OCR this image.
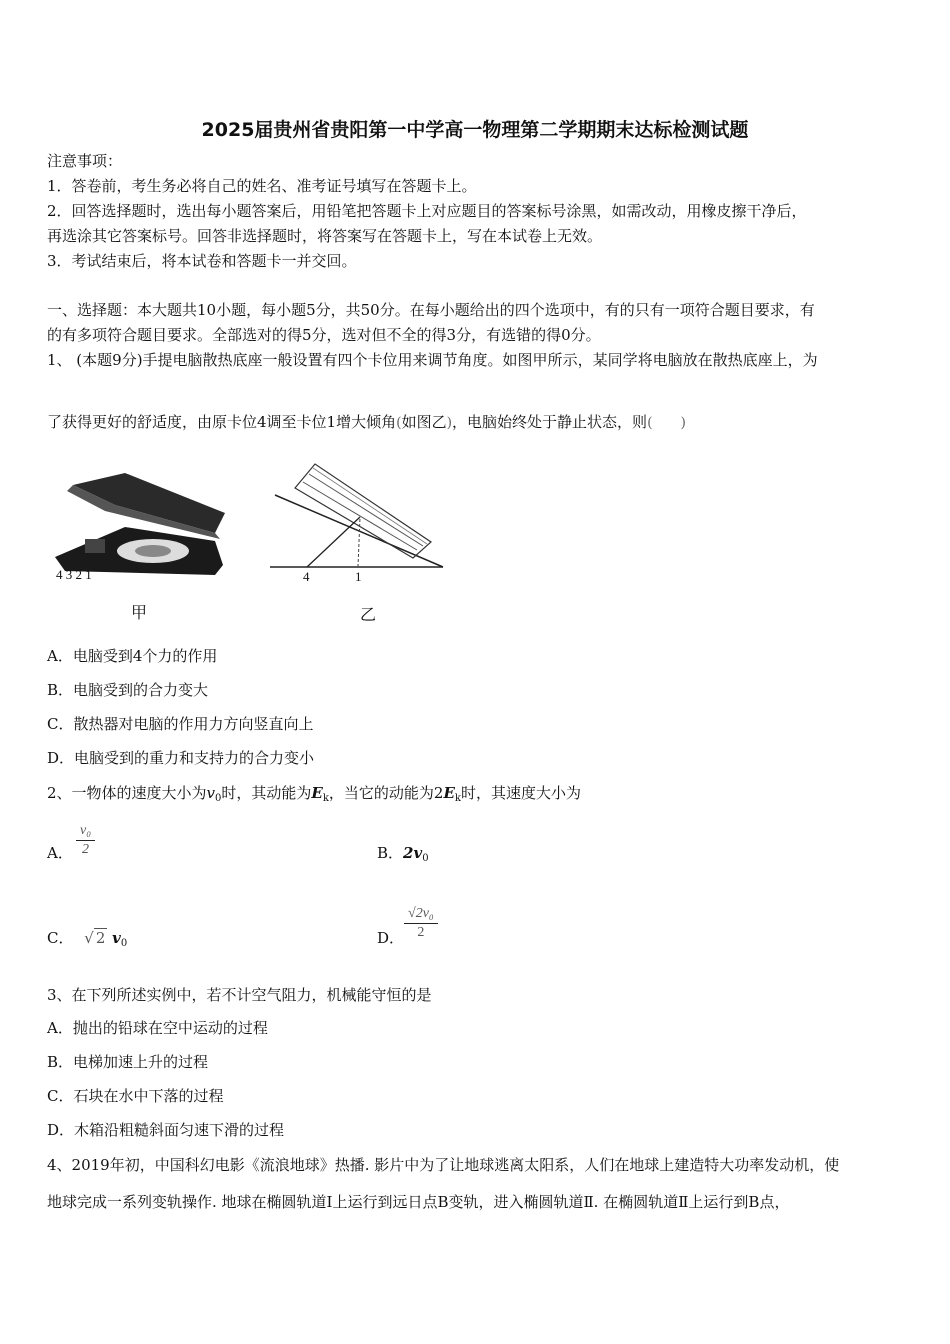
2025届贵州省贵阳第一中学高一物理第二学期期末达标检测试题
注意事项：
1．答卷前，考生务必将自己的姓名、准考证号填写在答题卡上。
2．回答选择题时，选出每小题答案后，用铅笔把答题卡上对应题目的答案标号涂黑，如需改动，用橡皮擦干净后，
再选涂其它答案标号。回答非选择题时，将答案写在答题卡上，写在本试卷上无效。
3．考试结束后，将本试卷和答题卡一并交回。
一、选择题：本大题共10小题，每小题5分，共50分。在每小题给出的四个选项中，有的只有一项符合题目要求，有
的有多项符合题目要求。全部选对的得5分，选对但不全的得3分，有选错的得0分。
1、 (本题9分)手提电脑散热底座一般设置有四个卡位用来调节角度。如图甲所示，某同学将电脑放在散热底座上，为
了获得更好的舒适度，由原卡位4调至卡位1增大倾角(如图乙)，电脑始终处于静止状态，则( )
4 3 2 1
甲
4	1
乙
A．电脑受到4个力的作用
B．电脑受到的合力变大
C．散热器对电脑的作用力方向竖直向上
D．电脑受到的重力和支持力的合力变小
2、一物体的速度大小为$v_0$时，其动能为$E_k$，当它的动能为$2E_k$时，其速度大小为
A． $\frac{\text{v₀}}{2}$	B．$2v_0$
C． √ 2 $v_0$	D． $\frac{\text{√2v₀}}{2}$
3、在下列所述实例中，若不计空气阻力，机械能守恒的是
A．抛出的铅球在空中运动的过程
B．电梯加速上升的过程
C．石块在水中下落的过程
D．木箱沿粗糙斜面匀速下滑的过程
4、2019年初，中国科幻电影《流浪地球》热播. 影片中为了让地球逃离太阳系，人们在地球上建造特大功率发动机，使
地球完成一系列变轨操作. 地球在椭圆轨道Ⅰ上运行到远日点B变轨，进入椭圆轨道Ⅱ. 在椭圆轨道Ⅱ上运行到B点，
